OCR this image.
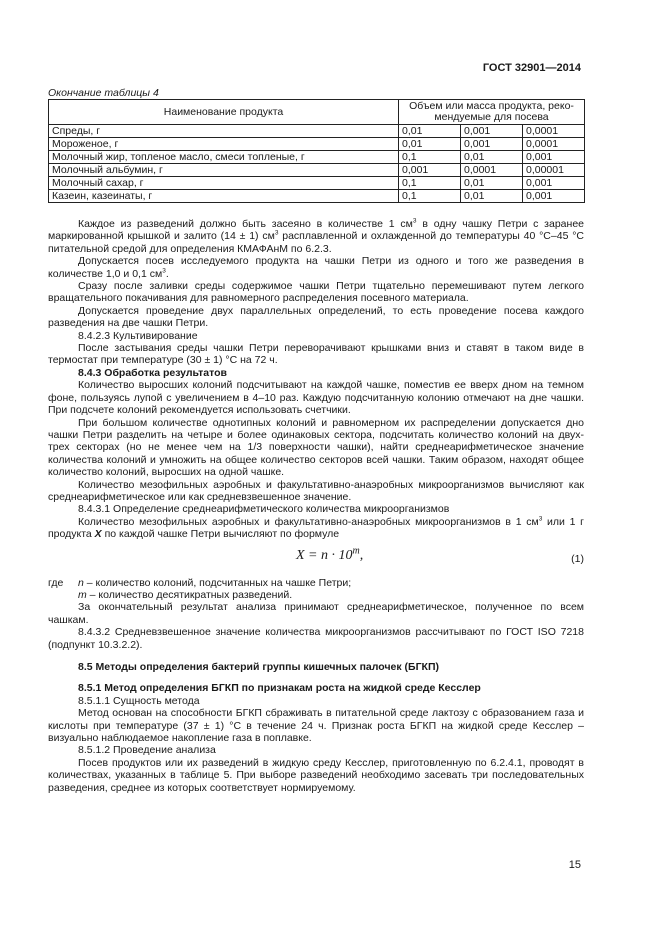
ГОСТ 32901—2014
Окончание таблицы 4
Наименование продукта	Объем или масса продукта, реко-
мендуемые для посева		
Спреды, г	0,01	0,001	0,0001
Мороженое, г	0,01	0,001	0,0001
Молочный жир, топленое масло, смеси топленые, г	0,1	0,01	0,001
Молочный альбумин, г	0,001	0,0001	0,00001
Молочный сахар, г	0,1	0,01	0,001
Казеин, казеинаты, г	0,1	0,01	0,001

Каждое из разведений должно быть засеяно в количестве 1 $см^3$ в одну чашку Петри с заранее маркированной крышкой и залито (14 ± 1) $см^3$ расплавленной и охлажденной до температуры 40 °С–45 °С питательной средой для определения КМАФАнМ по 6.2.3.

Допускается посев исследуемого продукта на чашки Петри из одного и того же разведения в количестве 1,0 и 0,1 $см^3$.

Сразу после заливки среды содержимое чашки Петри тщательно перемешивают путем легкого вращательного покачивания для равномерного распределения посевного материала.

Допускается проведение двух параллельных определений, то есть проведение посева каждого разведения на две чашки Петри.

8.4.2.3 Культивирование

После застывания среды чашки Петри переворачивают крышками вниз и ставят в таком виде в термостат при температуре (30 ± 1) °С на 72 ч.

8.4.3 Обработка результатов

Количество выросших колоний подсчитывают на каждой чашке, поместив ее вверх дном на темном фоне, пользуясь лупой с увеличением в 4–10 раз. Каждую подсчитанную колонию отмечают на дне чашки. При подсчете колоний рекомендуется использовать счетчики.

При большом количестве однотипных колоний и равномерном их распределении допускается дно чашки Петри разделить на четыре и более одинаковых сектора, подсчитать количество колоний на двух-трех секторах (но не менее чем на 1/3 поверхности чашки), найти среднеарифметическое значение количества колоний и умножить на общее количество секторов всей чашки. Таким образом, находят общее количество колоний, выросших на одной чашке.

Количество мезофильных аэробных и факультативно-анаэробных микроорганизмов вычисляют как среднеарифметическое или как средневзвешенное значение.

8.4.3.1 Определение среднеарифметического количества микроорганизмов

Количество мезофильных аэробных и факультативно-анаэробных микроорганизмов в 1 $см^3$ или 1 г продукта X по каждой чашке Петри вычисляют по формуле

$X = n \cdot 10^m$,	(1)

где n – количество колоний, подсчитанных на чашке Петри;

m – количество десятикратных разведений.

За окончательный результат анализа принимают среднеарифметическое, полученное по всем чашкам.

8.4.3.2 Средневзвешенное значение количества микроорганизмов рассчитывают по ГОСТ ISO 7218 (подпункт 10.3.2.2).

8.5 Методы определения бактерий группы кишечных палочек (БГКП)

8.5.1 Метод определения БГКП по признакам роста на жидкой среде Кесслер

8.5.1.1 Сущность метода

Метод основан на способности БГКП сбраживать в питательной среде лактозу с образованием газа и кислоты при температуре (37 ± 1) °С в течение 24 ч. Признак роста БГКП на жидкой среде Кесслер – визуально наблюдаемое накопление газа в поплавке.

8.5.1.2 Проведение анализа

Посев продуктов или их разведений в жидкую среду Кесслер, приготовленную по 6.2.4.1, проводят в количествах, указанных в таблице 5. При выборе разведений необходимо засевать три последовательных разведения, среднее из которых соответствует нормируемому.

15
